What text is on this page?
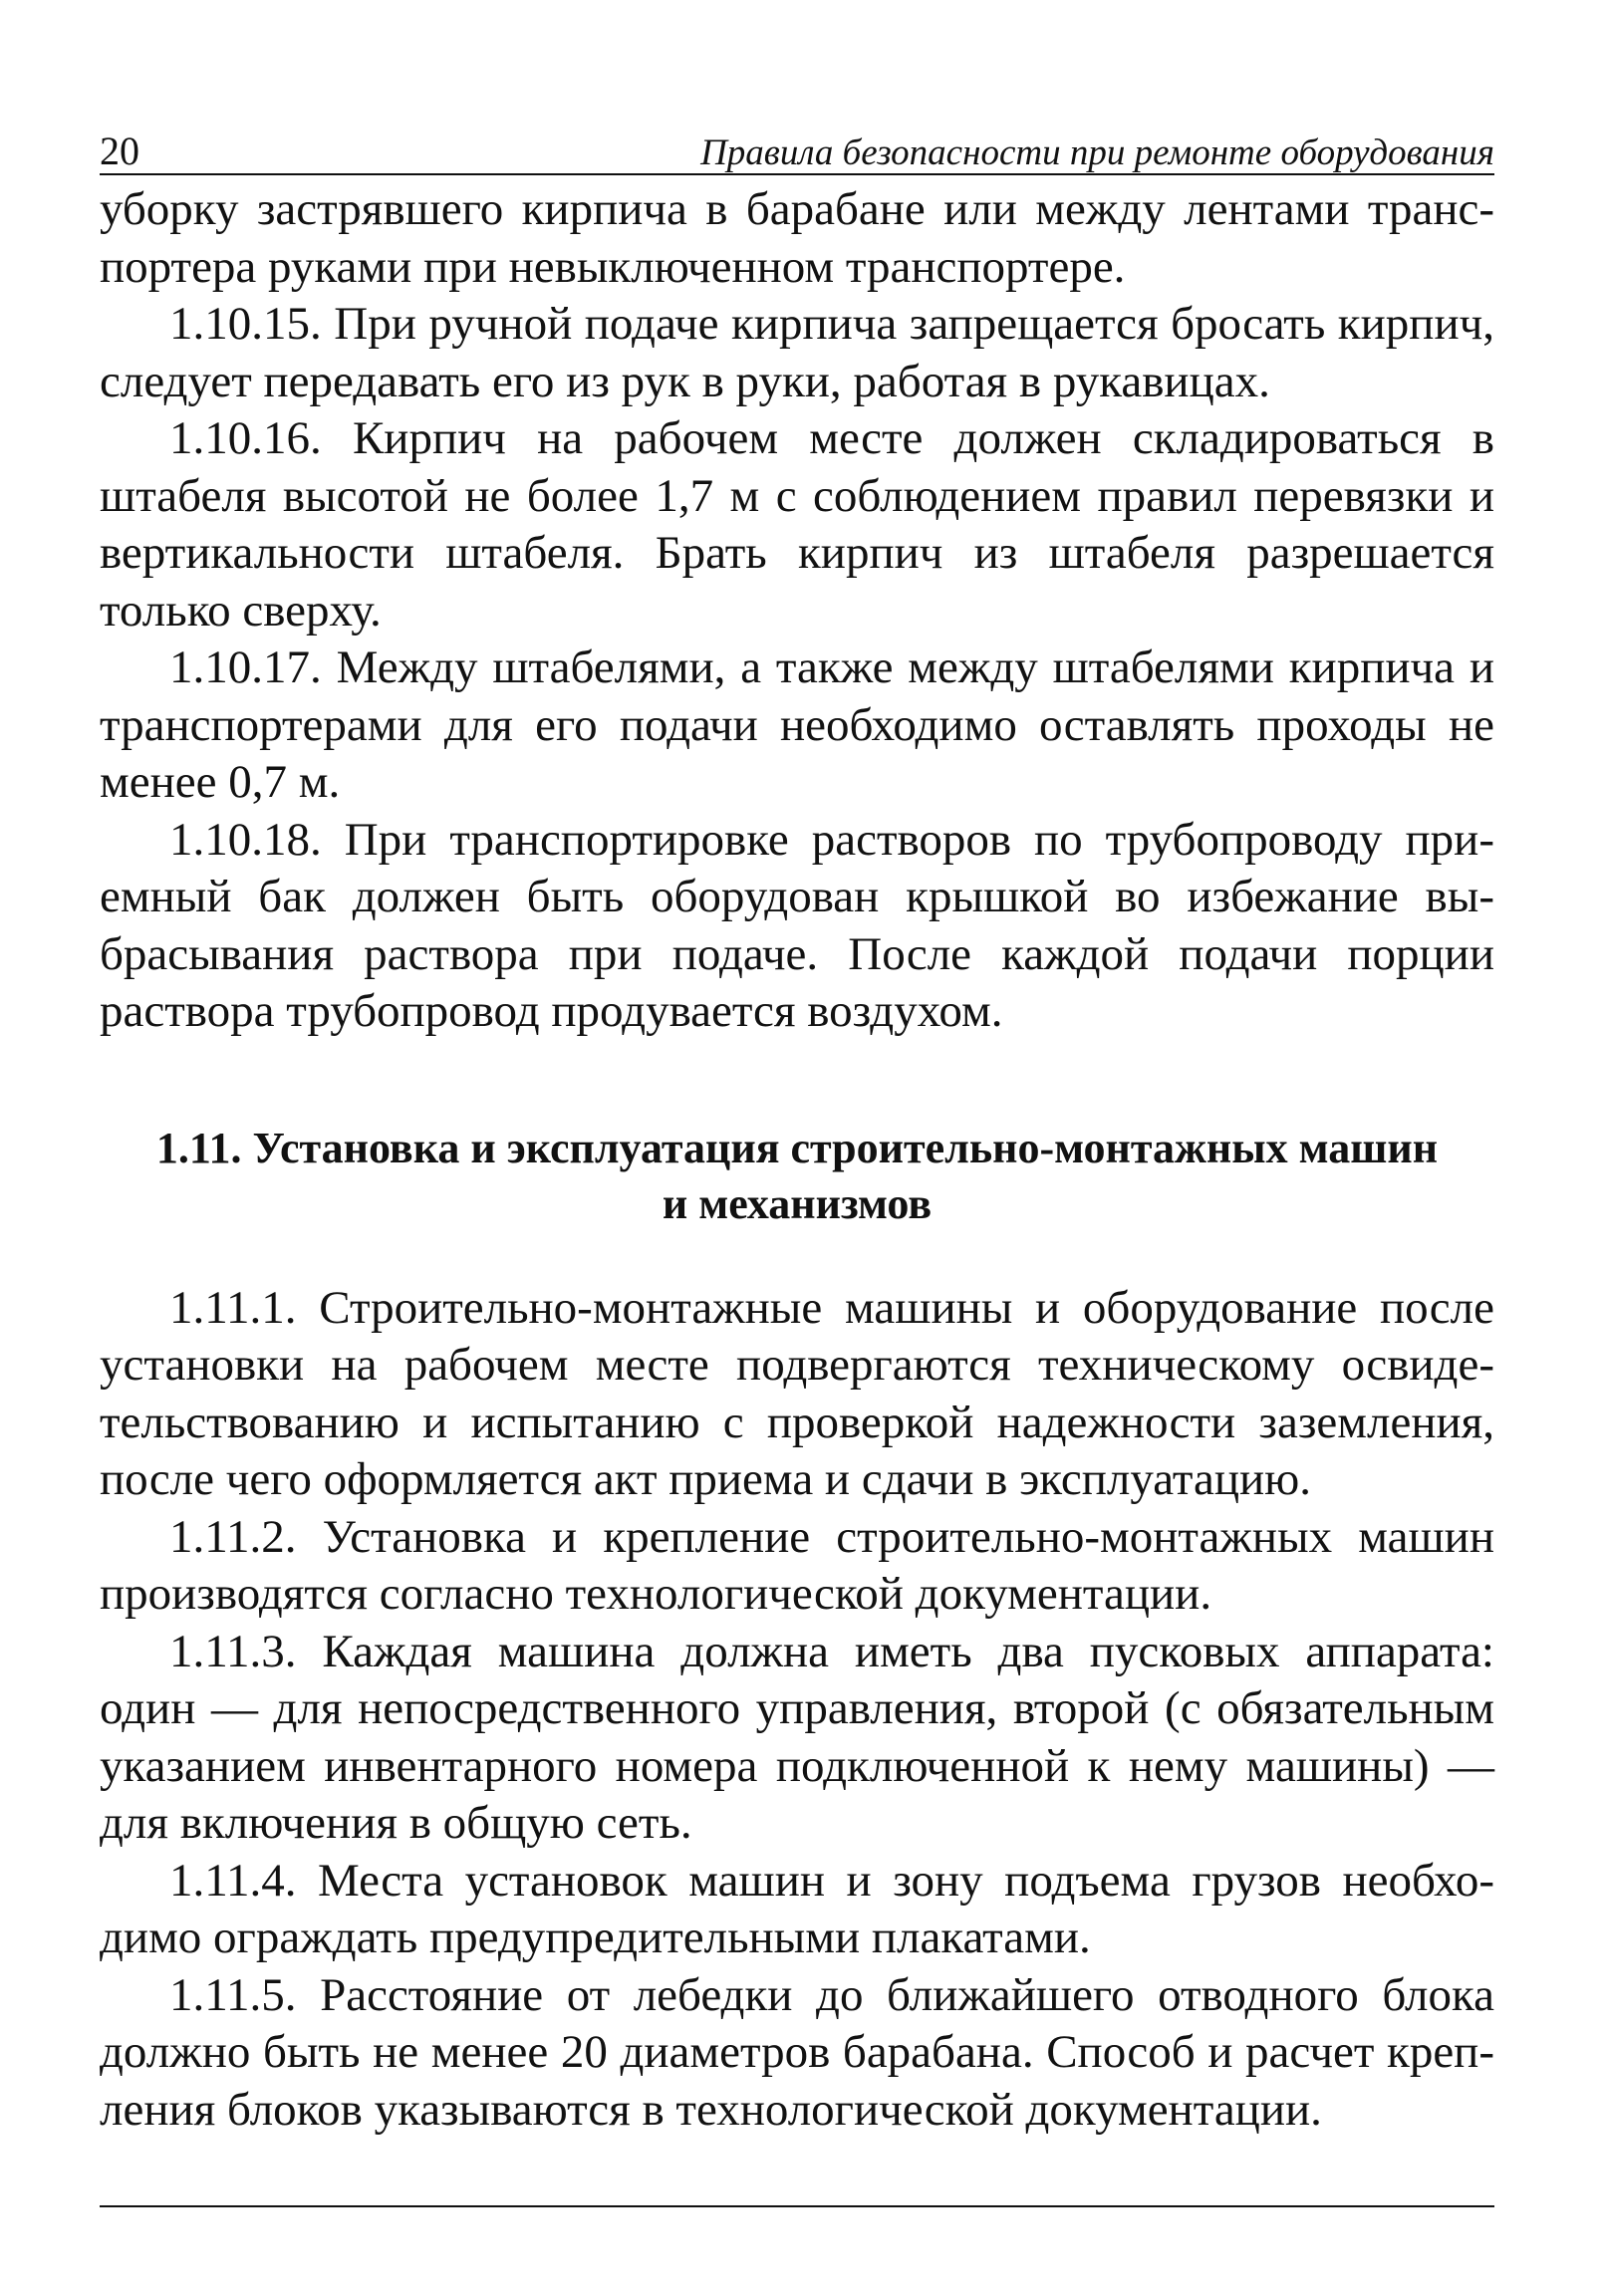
20	Правила безопасности при ремонте оборудования

уборку застрявшего кирпича в барабане или между лентами транспортера руками при невыключенном транспортере.

1.10.15. При ручной подаче кирпича запрещается бросать кирпич, следует передавать его из рук в руки, работая в рукавицах.

1.10.16. Кирпич на рабочем месте должен складироваться в штабеля высотой не более 1,7 м с соблюдением правил перевязки и вертикальности штабеля. Брать кирпич из штабеля разрешается только сверху.

1.10.17. Между штабелями, а также между штабелями кирпича и транспортерами для его подачи необходимо оставлять проходы не менее 0,7 м.

1.10.18. При транспортировке растворов по трубопроводу приемный бак должен быть оборудован крышкой во избежание выбрасывания раствора при подаче. После каждой подачи порции раствора трубопровод продувается воздухом.

1.11. Установка и эксплуатация строительно-монтажных машин
и механизмов

1.11.1. Строительно-монтажные машины и оборудование после установки на рабочем месте подвергаются техническому освидетельствованию и испытанию с проверкой надежности заземления, после чего оформляется акт приема и сдачи в эксплуатацию.

1.11.2. Установка и крепление строительно-монтажных машин производятся согласно технологической документации.

1.11.3. Каждая машина должна иметь два пусковых аппарата: один — для непосредственного управления, второй (с обязательным указанием инвентарного номера подключенной к нему машины) — для включения в общую сеть.

1.11.4. Места установок машин и зону подъема грузов необходимо ограждать предупредительными плакатами.

1.11.5. Расстояние от лебедки до ближайшего отводного блока должно быть не менее 20 диаметров барабана. Способ и расчет крепления блоков указываются в технологической документации.
